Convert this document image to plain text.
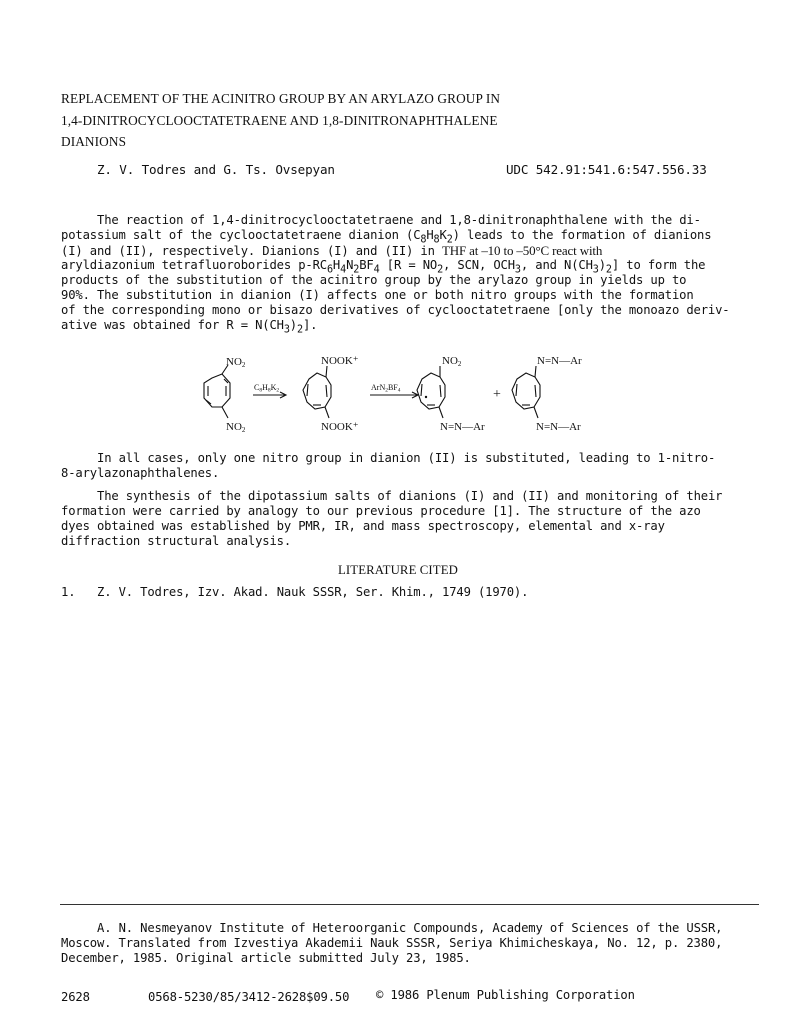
REPLACEMENT OF THE ACINITRO GROUP BY AN ARYLAZO GROUP IN
1,4-DINITROCYCLOOCTATETRAENE AND 1,8-DINITRONAPHTHALENE
DIANIONS
Z. V. Todres and G. Ts. Ovsepyan	UDC 542.91:541.6:547.556.33
The reaction of 1,4-dinitrocyclooctatetraene and 1,8-dinitronaphthalene with the di-
potassium salt of the cyclooctatetraene dianion $(C_8H_8K_2)$ leads to the formation of dianions
(I) and (II), respectively. Dianions (I) and (II) in THF at –10 to –50°C react with
aryldiazonium tetrafluoroborides $p-RC_6H_4N_2BF_4$ [$R = NO_2$, SCN, $OCH_3$, and $N(CH_3)_2$] to form the
products of the substitution of the acinitro group by the arylazo group in yields up to
90%. The substitution in dianion (I) affects one or both nitro groups with the formation
of the corresponding mono or bisazo derivatives of cyclooctatetraene [only the monoazo deriv-
ative was obtained for $R = N(CH_3)_2$].
NO2
NO2
C8H8K2
NOOK⁺
NOOK⁺
ArN2BF4
NO2
N=N—Ar
+
N=N—Ar
N=N—Ar
In all cases, only one nitro group in dianion (II) is substituted, leading to 1-nitro-
8-arylazonaphthalenes.
The synthesis of the dipotassium salts of dianions (I) and (II) and monitoring of their
formation were carried by analogy to our previous procedure [1]. The structure of the azo
dyes obtained was established by PMR, IR, and mass spectroscopy, elemental and x-ray
diffraction structural analysis.
LITERATURE CITED
1. Z. V. Todres, Izv. Akad. Nauk SSSR, Ser. Khim., 1749 (1970).
A. N. Nesmeyanov Institute of Heteroorganic Compounds, Academy of Sciences of the USSR,
Moscow. Translated from Izvestiya Akademii Nauk SSSR, Seriya Khimicheskaya, No. 12, p. 2380,
December, 1985. Original article submitted July 23, 1985.
2628	0568-5230/85/3412-2628$09.50 © 1986 Plenum Publishing Corporation
